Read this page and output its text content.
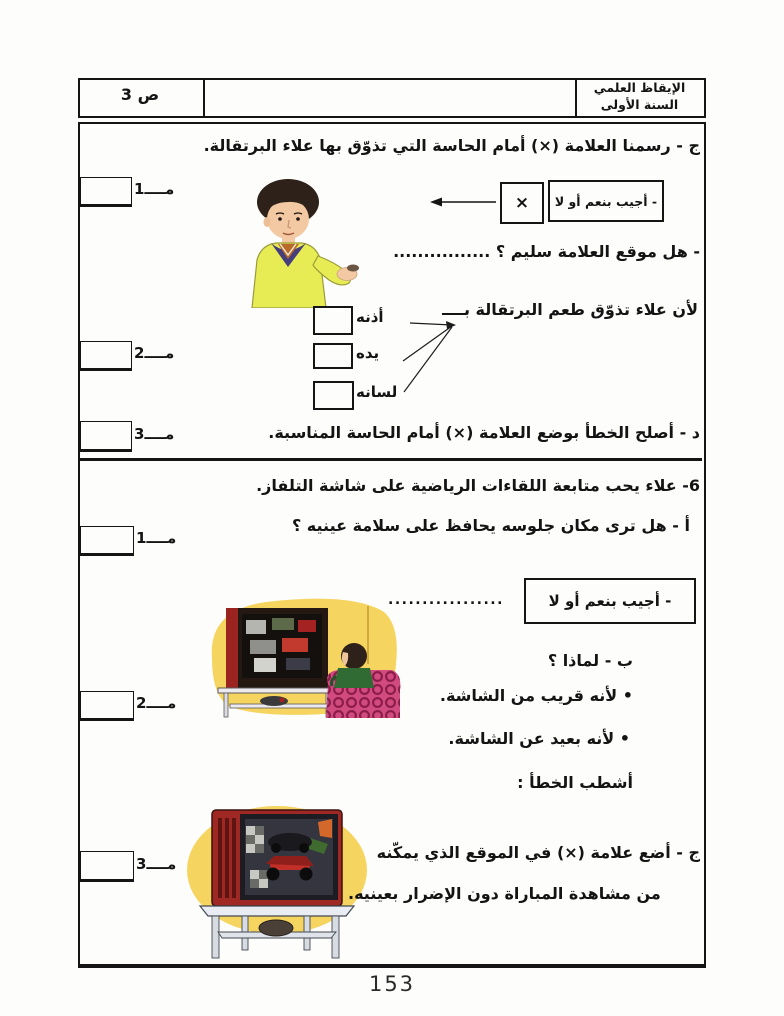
الإيقاظ العلمي
السنة الأولى
ص 3
ج - رسمنا العلامة (×) أمام الحاسة التي تذوّق بها علاء البرتقالة.
- أجيب بنعم أو لا
×
مــــ1
- هل موقع العلامة سليم ؟ ................
لأن علاء تذوّق طعم البرتقالة بــــ
أذنه
يده
لسانه
مــــ2
د - أصلح الخطأ بوضع العلامة (×) أمام الحاسة المناسبة.
مــــ3
6‏- علاء يحب متابعة اللقاءات الرياضية على شاشة التلفاز.
أ - هل ترى مكان جلوسه يحافظ على سلامة عينيه ؟
مــــ1
- أجيب بنعم أو لا
.................
ب - لماذا ؟
• لأنه قريب من الشاشة.
مــــ2
• لأنه بعيد عن الشاشة.
أشطب الخطأ :
ج - أضع علامة (×) في الموقع الذي يمكّنه
من مشاهدة المباراة دون الإضرار بعينيه.
مــــ3
153
